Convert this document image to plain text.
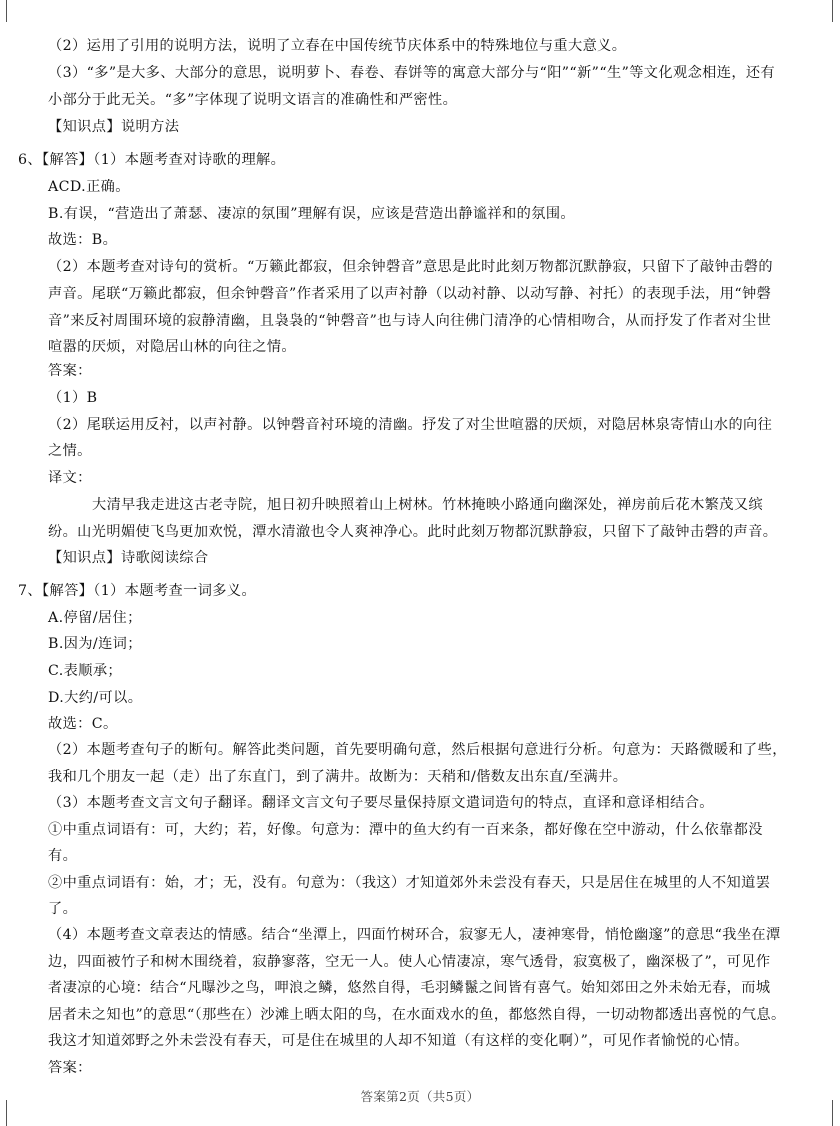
（2）运用了引用的说明方法，说明了立春在中国传统节庆体系中的特殊地位与重大意义。
（3）“多”是大多、大部分的意思，说明萝卜、春卷、春饼等的寓意大部分与“阳”“新”“生”等文化观念相连，还有
小部分于此无关。“多”字体现了说明文语言的准确性和严密性。
【知识点】说明方法
6、【解答】（1）本题考查对诗歌的理解。
ACD.正确。
B.有误，“营造出了萧瑟、凄凉的氛围”理解有误，应该是营造出静谧祥和的氛围。
故选：B。
（2）本题考查对诗句的赏析。“万籁此都寂，但余钟磬音”意思是此时此刻万物都沉默静寂，只留下了敲钟击磬的
声音。尾联“万籁此都寂，但余钟磬音”作者采用了以声衬静（以动衬静、以动写静、衬托）的表现手法，用“钟磬
音”来反衬周围环境的寂静清幽，且袅袅的“钟磬音”也与诗人向往佛门清净的心情相吻合，从而抒发了作者对尘世
喧嚣的厌烦，对隐居山林的向往之情。
答案：
（1）B
（2）尾联运用反衬，以声衬静。以钟磬音衬环境的清幽。抒发了对尘世喧嚣的厌烦，对隐居林泉寄情山水的向往
之情。
译文：
大清早我走进这古老寺院，旭日初升映照着山上树林。竹林掩映小路通向幽深处，禅房前后花木繁茂又缤
纷。山光明媚使飞鸟更加欢悦，潭水清澈也令人爽神净心。此时此刻万物都沉默静寂，只留下了敲钟击磬的声音。
【知识点】诗歌阅读综合
7、【解答】（1）本题考查一词多义。
A.停留/居住；
B.因为/连词；
C.表顺承；
D.大约/可以。
故选：C。
（2）本题考查句子的断句。解答此类问题，首先要明确句意，然后根据句意进行分析。句意为：天路微暖和了些，
我和几个朋友一起（走）出了东直门，到了满井。故断为：天稍和/偕数友出东直/至满井。
（3）本题考查文言文句子翻译。翻译文言文句子要尽量保持原文遣词造句的特点，直译和意译相结合。
①中重点词语有：可，大约；若，好像。句意为：潭中的鱼大约有一百来条，都好像在空中游动，什么依靠都没
有。
②中重点词语有：始，才；无，没有。句意为：（我这）才知道郊外未尝没有春天，只是居住在城里的人不知道罢
了。
（4）本题考查文章表达的情感。结合“坐潭上，四面竹树环合，寂寥无人，凄神寒骨，悄怆幽邃”的意思“我坐在潭
边，四面被竹子和树木围绕着，寂静寥落，空无一人。使人心情凄凉，寒气透骨，寂寞极了，幽深极了”，可见作
者凄凉的心境：结合“凡曝沙之鸟，呷浪之鳞，悠然自得，毛羽鳞鬣之间皆有喜气。始知郊田之外未始无春，而城
居者未之知也”的意思“（那些在）沙滩上晒太阳的鸟，在水面戏水的鱼，都悠然自得，一切动物都透出喜悦的气息。
我这才知道郊野之外未尝没有春天，可是住在城里的人却不知道（有这样的变化啊）”，可见作者愉悦的心情。
答案：
答案第2页（共5页）
